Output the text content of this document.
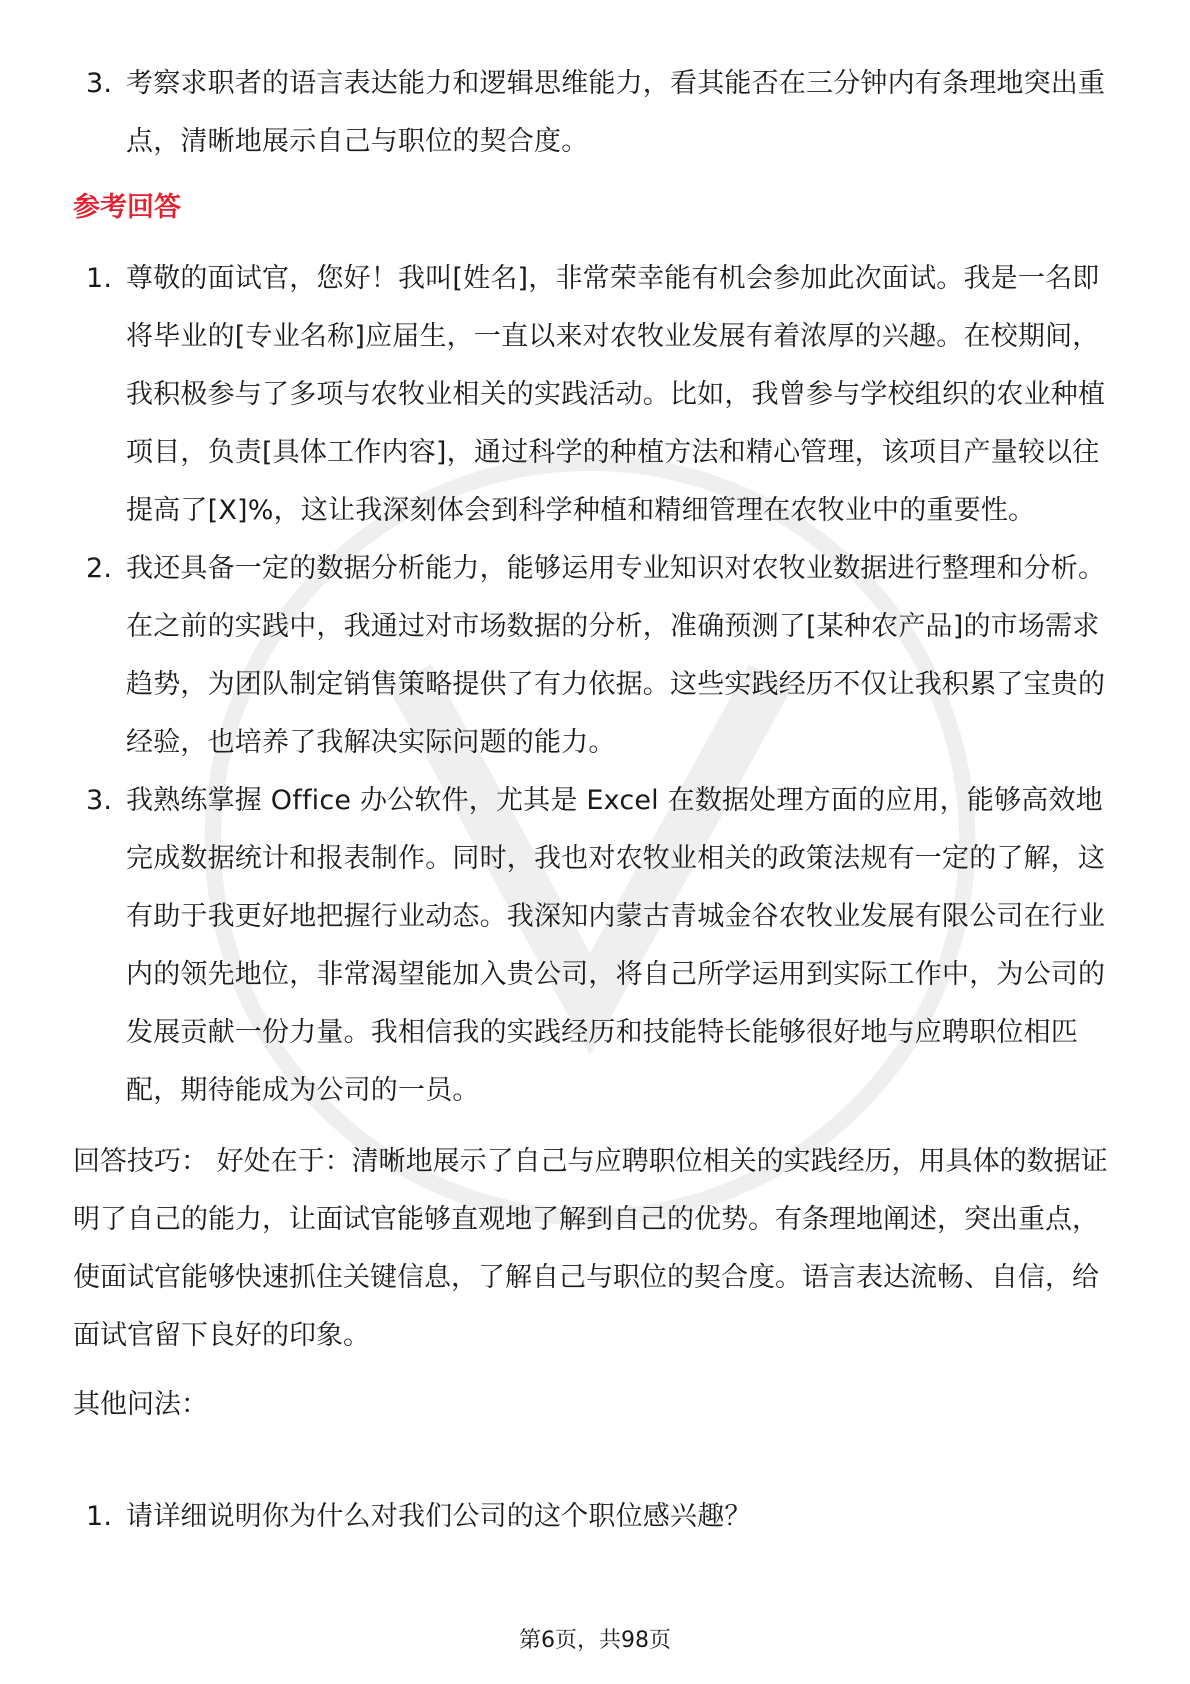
3. 考察求职者的语言表达能力和逻辑思维能力，看其能否在三分钟内有条理地突出重点，清晰地展示自己与职位的契合度。
参考回答
1. 尊敬的面试官，您好！我叫[姓名]，非常荣幸能有机会参加此次面试。我是一名即将毕业的[专业名称]应届生，一直以来对农牧业发展有着浓厚的兴趣。在校期间，我积极参与了多项与农牧业相关的实践活动。比如，我曾参与学校组织的农业种植项目，负责[具体工作内容]，通过科学的种植方法和精心管理，该项目产量较以往提高了[X]%，这让我深刻体会到科学种植和精细管理在农牧业中的重要性。
2. 我还具备一定的数据分析能力，能够运用专业知识对农牧业数据进行整理和分析。在之前的实践中，我通过对市场数据的分析，准确预测了[某种农产品]的市场需求趋势，为团队制定销售策略提供了有力依据。这些实践经历不仅让我积累了宝贵的经验，也培养了我解决实际问题的能力。
3. 我熟练掌握 Office 办公软件，尤其是 Excel 在数据处理方面的应用，能够高效地完成数据统计和报表制作。同时，我也对农牧业相关的政策法规有一定的了解，这有助于我更好地把握行业动态。我深知内蒙古青城金谷农牧业发展有限公司在行业内的领先地位，非常渴望能加入贵公司，将自己所学运用到实际工作中，为公司的发展贡献一份力量。我相信我的实践经历和技能特长能够很好地与应聘职位相匹配，期待能成为公司的一员。

回答技巧： 好处在于：清晰地展示了自己与应聘职位相关的实践经历，用具体的数据证明了自己的能力，让面试官能够直观地了解到自己的优势。有条理地阐述，突出重点，使面试官能够快速抓住关键信息，了解自己与职位的契合度。语言表达流畅、自信，给面试官留下良好的印象。

其他问法：

1. 请详细说明你为什么对我们公司的这个职位感兴趣？
第6页，共98页
